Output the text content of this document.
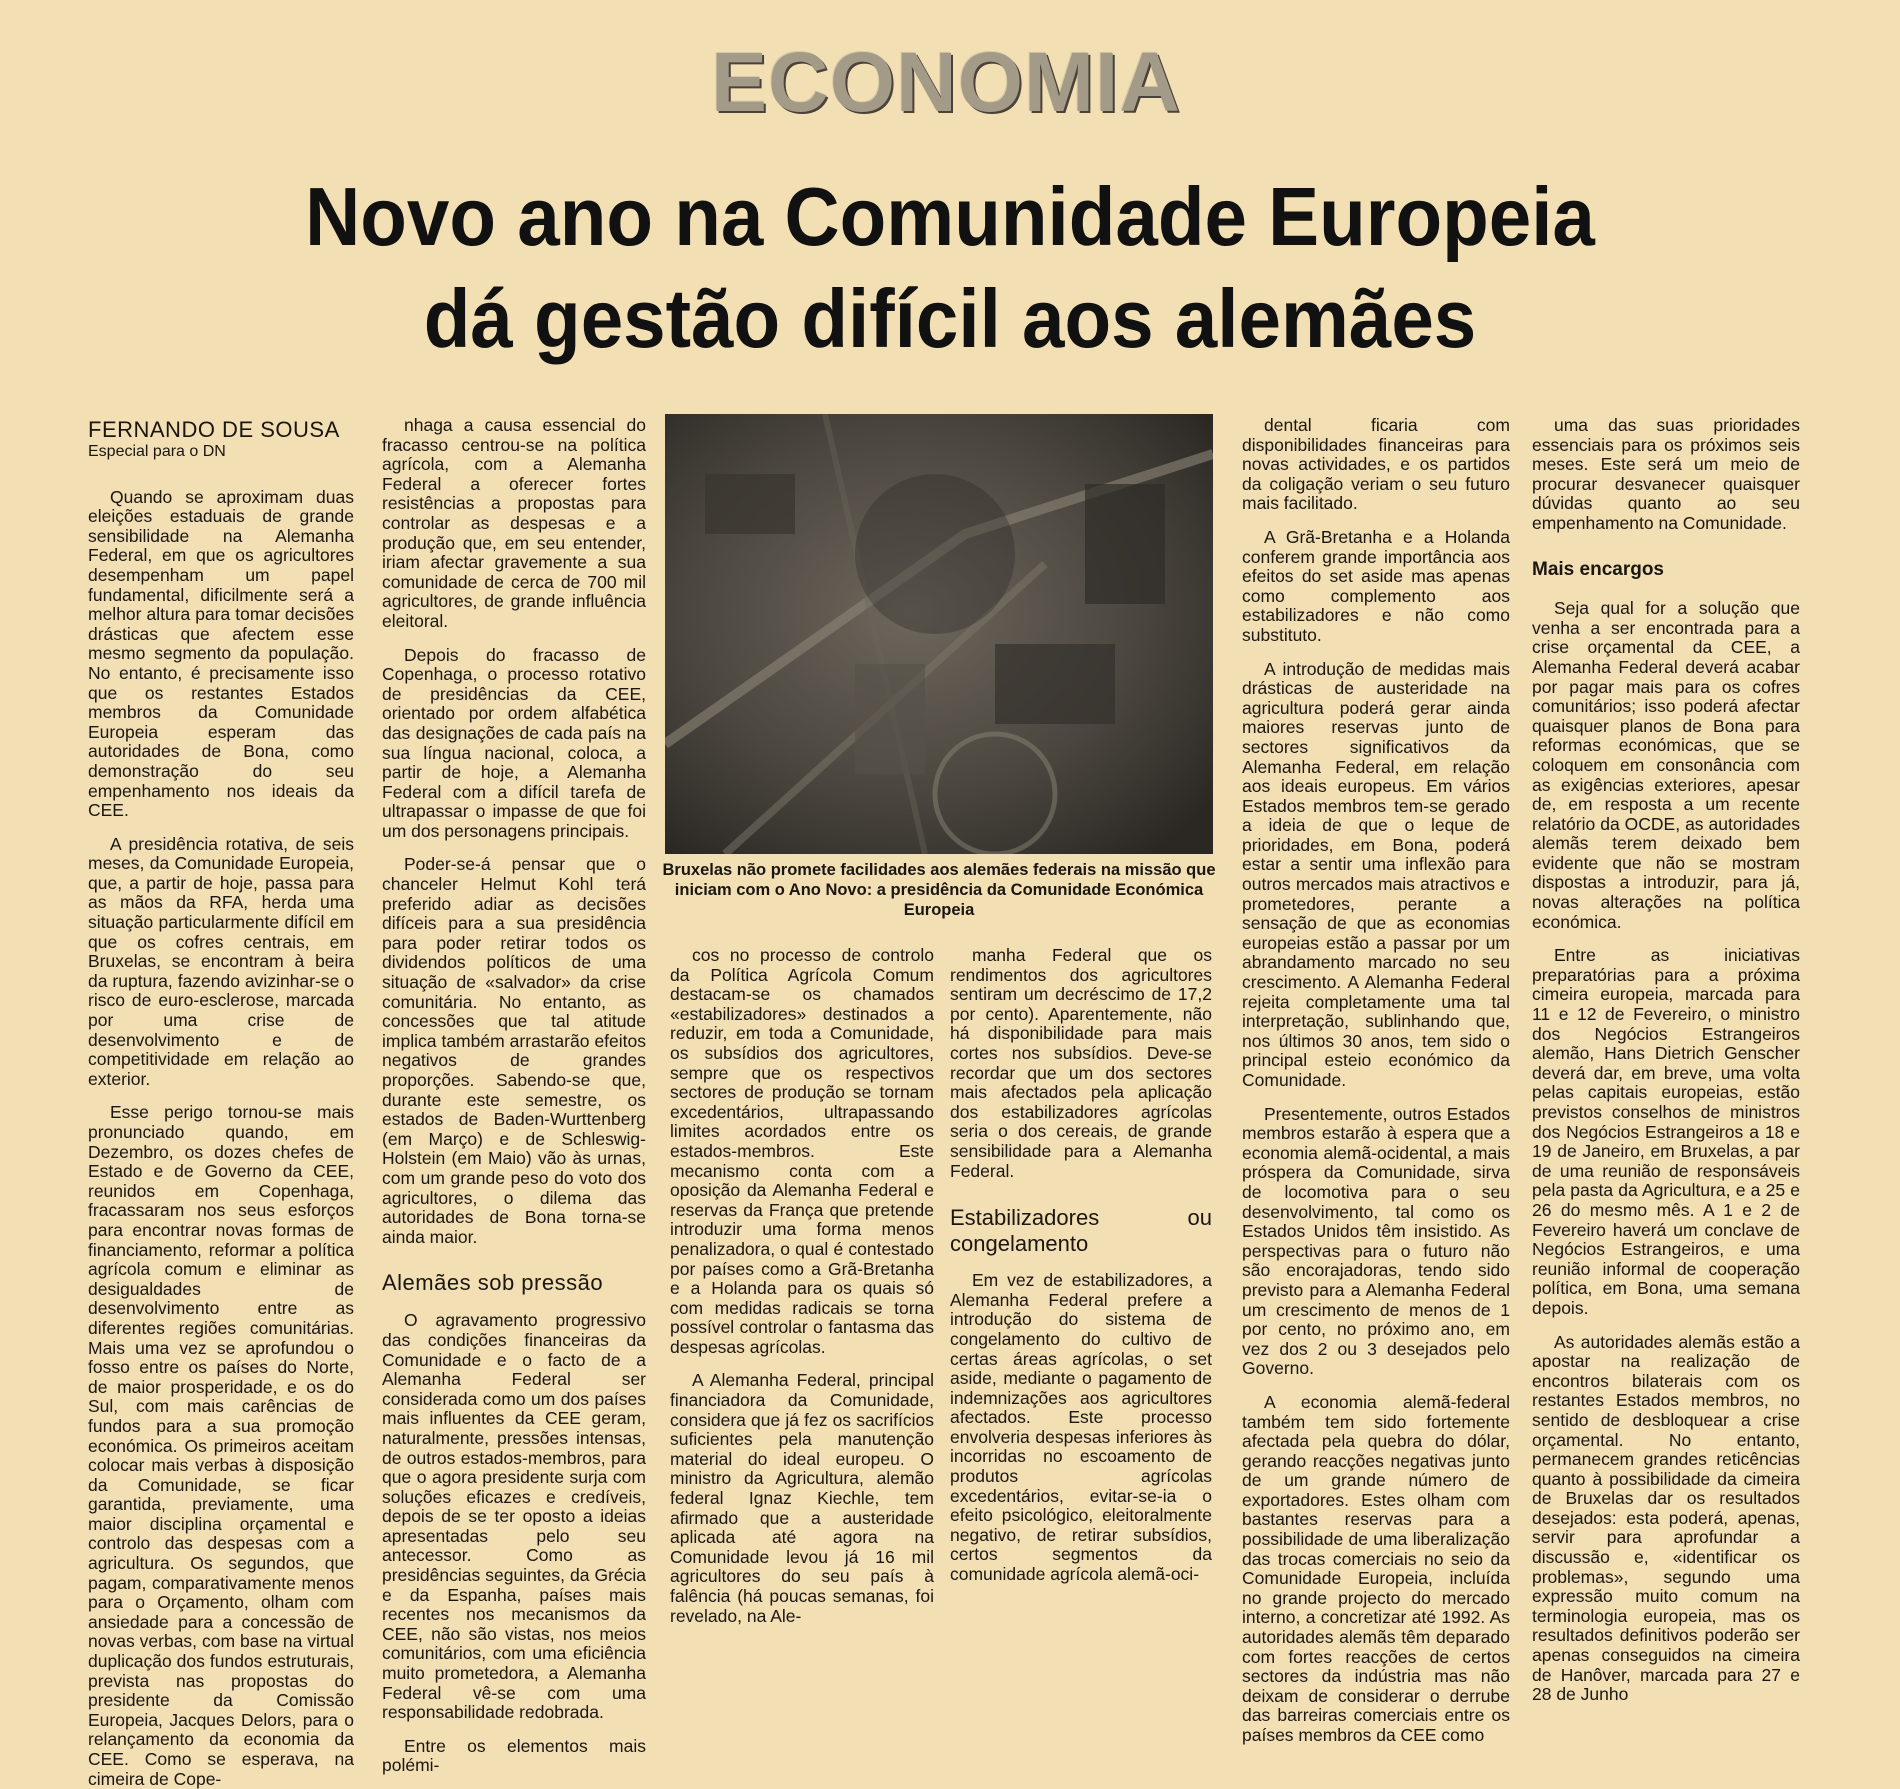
ECONOMIA
Novo ano na Comunidade Europeia
dá gestão difícil aos alemães

FERNANDO DE SOUSA

Especial para o DN

Quando se aproximam duas eleições estaduais de grande sensibilidade na Alemanha Federal, em que os agricultores desempenham um papel fundamental, dificilmente será a melhor altura para tomar decisões drásticas que afectem esse mesmo segmento da população. No entanto, é precisamente isso que os restantes Estados membros da Comunidade Europeia esperam das autoridades de Bona, como demonstração do seu empenhamento nos ideais da CEE.

A presidência rotativa, de seis meses, da Comunidade Europeia, que, a partir de hoje, passa para as mãos da RFA, herda uma situação particularmente difícil em que os cofres centrais, em Bruxelas, se encontram à beira da ruptura, fazendo avizinhar-se o risco de euro-esclerose, marcada por uma crise de desenvolvimento e de competitividade em relação ao exterior.

Esse perigo tornou-se mais pronunciado quando, em Dezembro, os dozes chefes de Estado e de Governo da CEE, reunidos em Copenhaga, fracassaram nos seus esforços para encontrar novas formas de financiamento, reformar a política agrícola comum e eliminar as desigualdades de desenvolvimento entre as diferentes regiões comunitárias. Mais uma vez se aprofundou o fosso entre os países do Norte, de maior prosperidade, e os do Sul, com mais carências de fundos para a sua promoção económica. Os primeiros aceitam colocar mais verbas à disposição da Comunidade, se ficar garantida, previamente, uma maior disciplina orçamental e controlo das despesas com a agricultura. Os segundos, que pagam, comparativamente menos para o Orçamento, olham com ansiedade para a concessão de novas verbas, com base na virtual duplicação dos fundos estruturais, prevista nas propostas do presidente da Comissão Europeia, Jacques Delors, para o relançamento da economia da CEE. Como se esperava, na cimeira de Cope-

nhaga a causa essencial do fracasso centrou-se na política agrícola, com a Alemanha Federal a oferecer fortes resistências a propostas para controlar as despesas e a produção que, em seu entender, iriam afectar gravemente a sua comunidade de cerca de 700 mil agricultores, de grande influência eleitoral.

Depois do fracasso de Copenhaga, o processo rotativo de presidências da CEE, orientado por ordem alfabética das designações de cada país na sua língua nacional, coloca, a partir de hoje, a Alemanha Federal com a difícil tarefa de ultrapassar o impasse de que foi um dos personagens principais.

Poder-se-á pensar que o chanceler Helmut Kohl terá preferido adiar as decisões difíceis para a sua presidência para poder retirar todos os dividendos políticos de uma situação de «salvador» da crise comunitária. No entanto, as concessões que tal atitude implica também arrastarão efeitos negativos de grandes proporções. Sabendo-se que, durante este semestre, os estados de Baden-Wurttenberg (em Março) e de Schleswig-Holstein (em Maio) vão às urnas, com um grande peso do voto dos agricultores, o dilema das autoridades de Bona torna-se ainda maior.

Alemães sob pressão

O agravamento progressivo das condições financeiras da Comunidade e o facto de a Alemanha Federal ser considerada como um dos países mais influentes da CEE geram, naturalmente, pressões intensas, de outros estados-membros, para que o agora presidente surja com soluções eficazes e credíveis, depois de se ter oposto a ideias apresentadas pelo seu antecessor. Como as presidências seguintes, da Grécia e da Espanha, países mais recentes nos mecanismos da CEE, não são vistas, nos meios comunitários, com uma eficiência muito prometedora, a Alemanha Federal vê-se com uma responsabilidade redobrada.

Entre os elementos mais polémi-

Bruxelas não promete facilidades aos alemães federais na missão que iniciam com o Ano Novo: a presidência da Comunidade Económica Europeia

cos no processo de controlo da Política Agrícola Comum destacam-se os chamados «estabilizadores» destinados a reduzir, em toda a Comunidade, os subsídios dos agricultores, sempre que os respectivos sectores de produção se tornam excedentários, ultrapassando limites acordados entre os estados-membros. Este mecanismo conta com a oposição da Alemanha Federal e reservas da França que pretende introduzir uma forma menos penalizadora, o qual é contestado por países como a Grã-Bretanha e a Holanda para os quais só com medidas radicais se torna possível controlar o fantasma das despesas agrícolas.

A Alemanha Federal, principal financiadora da Comunidade, considera que já fez os sacrifícios suficientes pela manutenção material do ideal europeu. O ministro da Agricultura, alemão federal Ignaz Kiechle, tem afirmado que a austeridade aplicada até agora na Comunidade levou já 16 mil agricultores do seu país à falência (há poucas semanas, foi revelado, na Ale-

manha Federal que os rendimentos dos agricultores sentiram um decréscimo de 17,2 por cento). Aparentemente, não há disponibilidade para mais cortes nos subsídios. Deve-se recordar que um dos sectores mais afectados pela aplicação dos estabilizadores agrícolas seria o dos cereais, de grande sensibilidade para a Alemanha Federal.

Estabilizadores ou congelamento

Em vez de estabilizadores, a Alemanha Federal prefere a introdução do sistema de congelamento do cultivo de certas áreas agrícolas, o set aside, mediante o pagamento de indemnizações aos agricultores afectados. Este processo envolveria despesas inferiores às incorridas no escoamento de produtos agrícolas excedentários, evitar-se-ia o efeito psicológico, eleitoralmente negativo, de retirar subsídios, certos segmentos da comunidade agrícola alemã-oci-

dental ficaria com disponibilidades financeiras para novas actividades, e os partidos da coligação veriam o seu futuro mais facilitado.

A Grã-Bretanha e a Holanda conferem grande importância aos efeitos do set aside mas apenas como complemento aos estabilizadores e não como substituto.

A introdução de medidas mais drásticas de austeridade na agricultura poderá gerar ainda maiores reservas junto de sectores significativos da Alemanha Federal, em relação aos ideais europeus. Em vários Estados membros tem-se gerado a ideia de que o leque de prioridades, em Bona, poderá estar a sentir uma inflexão para outros mercados mais atractivos e prometedores, perante a sensação de que as economias europeias estão a passar por um abrandamento marcado no seu crescimento. A Alemanha Federal rejeita completamente uma tal interpretação, sublinhando que, nos últimos 30 anos, tem sido o principal esteio económico da Comunidade.

Presentemente, outros Estados membros estarão à espera que a economia alemã-ocidental, a mais próspera da Comunidade, sirva de locomotiva para o seu desenvolvimento, tal como os Estados Unidos têm insistido. As perspectivas para o futuro não são encorajadoras, tendo sido previsto para a Alemanha Federal um crescimento de menos de 1 por cento, no próximo ano, em vez dos 2 ou 3 desejados pelo Governo.

A economia alemã-federal também tem sido fortemente afectada pela quebra do dólar, gerando reacções negativas junto de um grande número de exportadores. Estes olham com bastantes reservas para a possibilidade de uma liberalização das trocas comerciais no seio da Comunidade Europeia, incluída no grande projecto do mercado interno, a concretizar até 1992. As autoridades alemãs têm deparado com fortes reacções de certos sectores da indústria mas não deixam de considerar o derrube das barreiras comerciais entre os países membros da CEE como

uma das suas prioridades essenciais para os próximos seis meses. Este será um meio de procurar desvanecer quaisquer dúvidas quanto ao seu empenhamento na Comunidade.

Mais encargos

Seja qual for a solução que venha a ser encontrada para a crise orçamental da CEE, a Alemanha Federal deverá acabar por pagar mais para os cofres comunitários; isso poderá afectar quaisquer planos de Bona para reformas económicas, que se coloquem em consonância com as exigências exteriores, apesar de, em resposta a um recente relatório da OCDE, as autoridades alemãs terem deixado bem evidente que não se mostram dispostas a introduzir, para já, novas alterações na política económica.

Entre as iniciativas preparatórias para a próxima cimeira europeia, marcada para 11 e 12 de Fevereiro, o ministro dos Negócios Estrangeiros alemão, Hans Dietrich Genscher deverá dar, em breve, uma volta pelas capitais europeias, estão previstos conselhos de ministros dos Negócios Estrangeiros a 18 e 19 de Janeiro, em Bruxelas, a par de uma reunião de responsáveis pela pasta da Agricultura, e a 25 e 26 do mesmo mês. A 1 e 2 de Fevereiro haverá um conclave de Negócios Estrangeiros, e uma reunião informal de cooperação política, em Bona, uma semana depois.

As autoridades alemãs estão a apostar na realização de encontros bilaterais com os restantes Estados membros, no sentido de desbloquear a crise orçamental. No entanto, permanecem grandes reticências quanto à possibilidade da cimeira de Bruxelas dar os resultados desejados: esta poderá, apenas, servir para aprofundar a discussão e, «identificar os problemas», segundo uma expressão muito comum na terminologia europeia, mas os resultados definitivos poderão ser apenas conseguidos na cimeira de Hanôver, marcada para 27 e 28 de Junho
